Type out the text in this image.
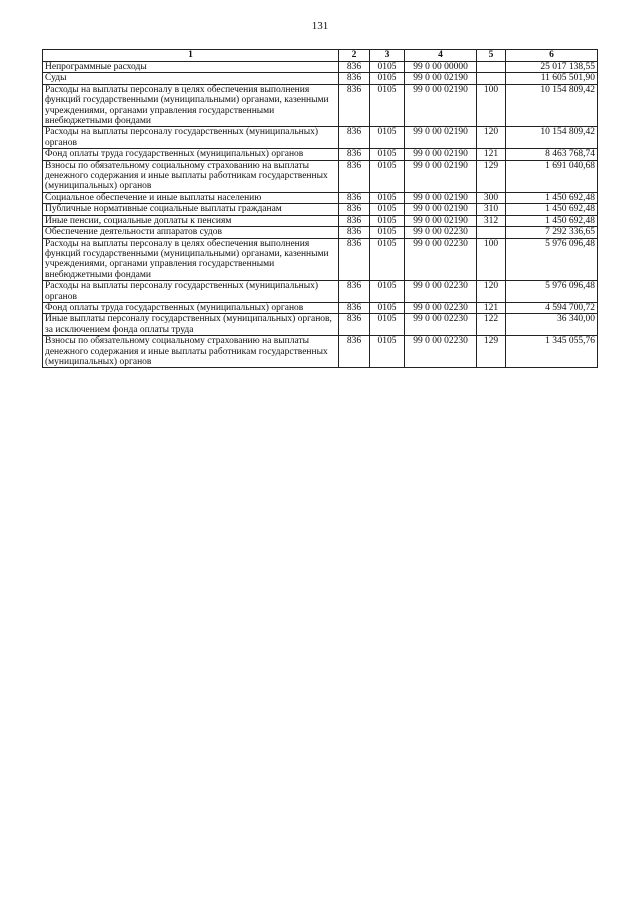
131
1	2	3	4	5	6
Непрограммные расходы	836	0105	99 0 00 00000		25 017 138,55
Суды	836	0105	99 0 00 02190		11 605 501,90
Расходы на выплаты персоналу в целях обеспечения выполнения функций государственными (муниципальными) органами, казенными учреждениями, органами управления государственными внебюджетными фондами	836	0105	99 0 00 02190	100	10 154 809,42
Расходы на выплаты персоналу государственных (муниципальных) органов	836	0105	99 0 00 02190	120	10 154 809,42
Фонд оплаты труда государственных (муниципальных) органов	836	0105	99 0 00 02190	121	8 463 768,74
Взносы по обязательному социальному страхованию на выплаты денежного содержания и иные выплаты работникам государственных (муниципальных) органов	836	0105	99 0 00 02190	129	1 691 040,68
Социальное обеспечение и иные выплаты населению	836	0105	99 0 00 02190	300	1 450 692,48
Публичные нормативные социальные выплаты гражданам	836	0105	99 0 00 02190	310	1 450 692,48
Иные пенсии, социальные доплаты к пенсиям	836	0105	99 0 00 02190	312	1 450 692,48
Обеспечение деятельности аппаратов судов	836	0105	99 0 00 02230		7 292 336,65
Расходы на выплаты персоналу в целях обеспечения выполнения функций государственными (муниципальными) органами, казенными учреждениями, органами управления государственными внебюджетными фондами	836	0105	99 0 00 02230	100	5 976 096,48
Расходы на выплаты персоналу государственных (муниципальных) органов	836	0105	99 0 00 02230	120	5 976 096,48
Фонд оплаты труда государственных (муниципальных) органов	836	0105	99 0 00 02230	121	4 594 700,72
Иные выплаты персоналу государственных (муниципальных) органов, за исключением фонда оплаты труда	836	0105	99 0 00 02230	122	36 340,00
Взносы по обязательному социальному страхованию на выплаты денежного содержания и иные выплаты работникам государственных (муниципальных) органов	836	0105	99 0 00 02230	129	1 345 055,76
